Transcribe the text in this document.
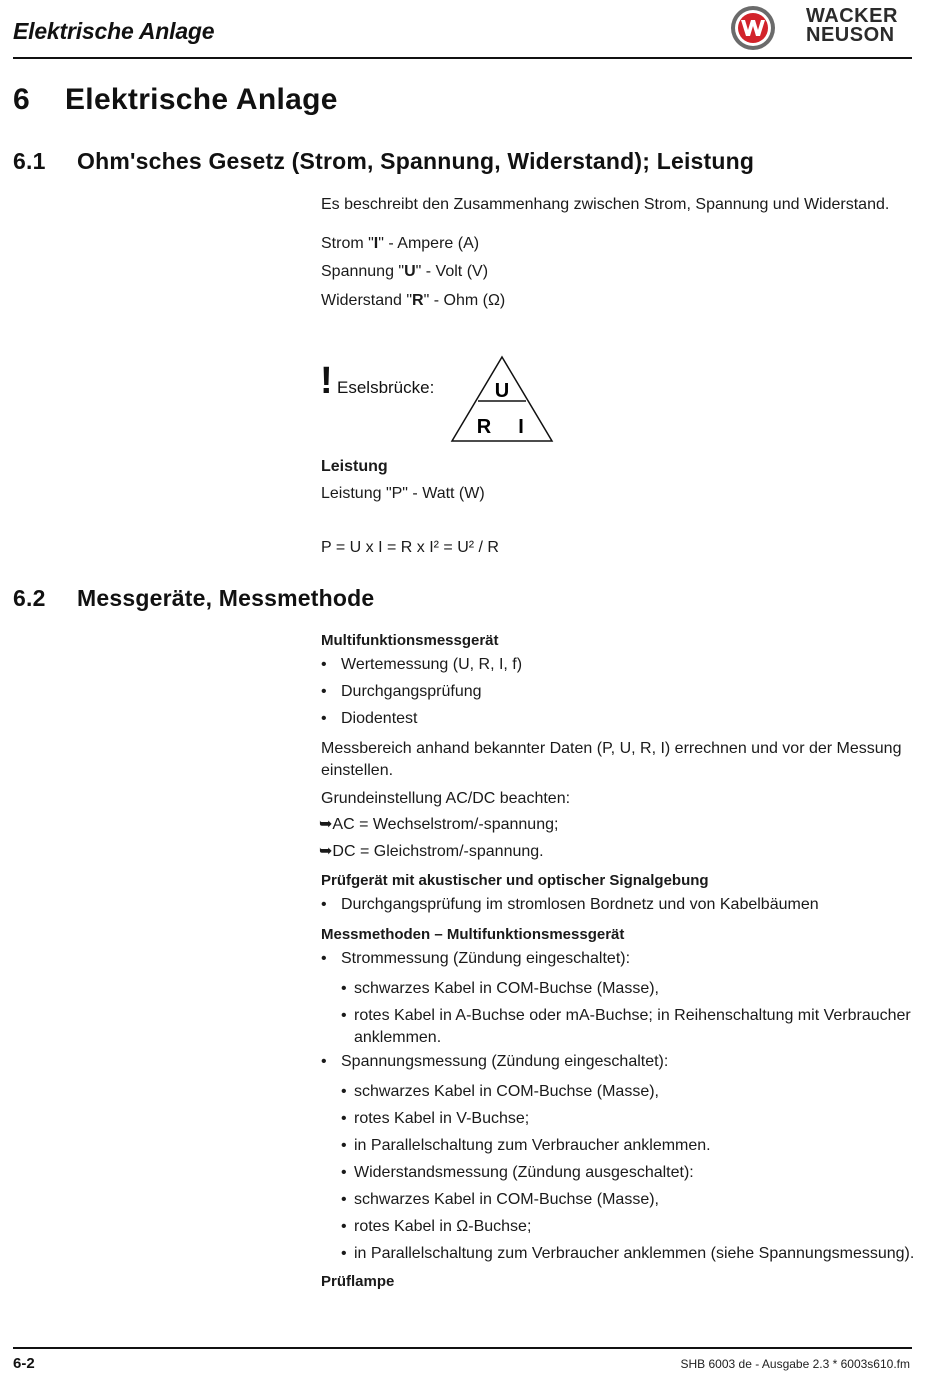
Elektrische Anlage
WACKER
NEUSON
6 Elektrische Anlage
6.1 Ohm'sches Gesetz (Strom, Spannung, Widerstand); Leistung
Es beschreibt den Zusammenhang zwischen Strom, Spannung und Widerstand.
Strom "I" - Ampere (A)
Spannung "U" - Volt (V)
Widerstand "R" - Ohm (Ω)
! Eselsbrücke:	U
R I
Leistung
Leistung "P" - Watt (W)
P = U x I = R x I² = U² / R
6.2 Messgeräte, Messmethode
Multifunktionsmessgerät
• Wertemessung (U, R, I, f)
• Durchgangsprüfung
• Diodentest
Messbereich anhand bekannter Daten (P, U, R, I) errechnen und vor der Messung
einstellen.
Grundeinstellung AC/DC beachten:
➥AC = Wechselstrom/-spannung;
➥DC = Gleichstrom/-spannung.
Prüfgerät mit akustischer und optischer Signalgebung
• Durchgangsprüfung im stromlosen Bordnetz und von Kabelbäumen
Messmethoden – Multifunktionsmessgerät
• Strommessung (Zündung eingeschaltet):
• schwarzes Kabel in COM-Buchse (Masse),
• rotes Kabel in A-Buchse oder mA-Buchse; in Reihenschaltung mit Verbraucher
anklemmen.
• Spannungsmessung (Zündung eingeschaltet):
• schwarzes Kabel in COM-Buchse (Masse),
• rotes Kabel in V-Buchse;
• in Parallelschaltung zum Verbraucher anklemmen.
• Widerstandsmessung (Zündung ausgeschaltet):
• schwarzes Kabel in COM-Buchse (Masse),
• rotes Kabel in Ω-Buchse;
• in Parallelschaltung zum Verbraucher anklemmen (siehe Spannungsmessung).
Prüflampe
6-2	SHB 6003 de - Ausgabe 2.3 * 6003s610.fm
